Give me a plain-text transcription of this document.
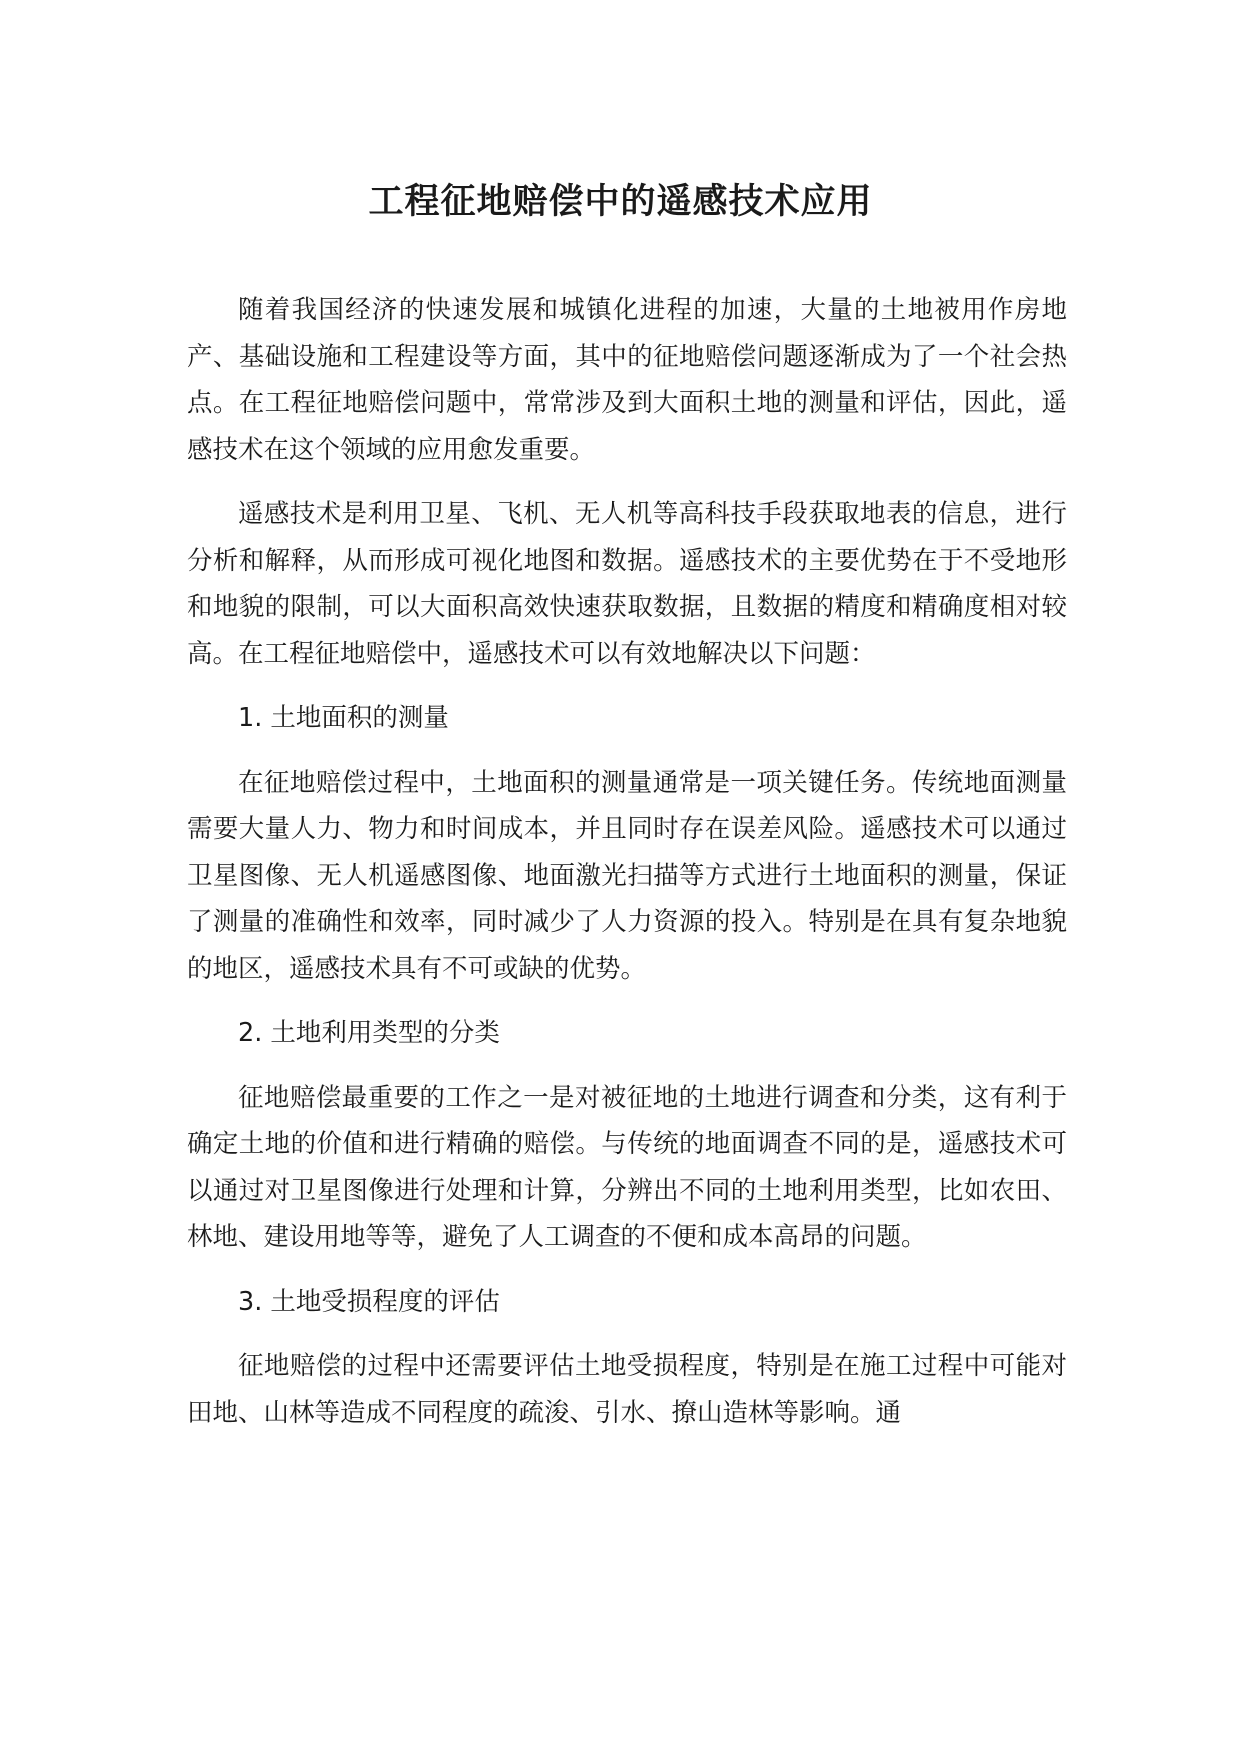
工程征地赔偿中的遥感技术应用

随着我国经济的快速发展和城镇化进程的加速，大量的土地被用作房地产、基础设施和工程建设等方面，其中的征地赔偿问题逐渐成为了一个社会热点。在工程征地赔偿问题中，常常涉及到大面积土地的测量和评估，因此，遥感技术在这个领域的应用愈发重要。

遥感技术是利用卫星、飞机、无人机等高科技手段获取地表的信息，进行分析和解释，从而形成可视化地图和数据。遥感技术的主要优势在于不受地形和地貌的限制，可以大面积高效快速获取数据，且数据的精度和精确度相对较高。在工程征地赔偿中，遥感技术可以有效地解决以下问题：

1. 土地面积的测量

在征地赔偿过程中，土地面积的测量通常是一项关键任务。传统地面测量需要大量人力、物力和时间成本，并且同时存在误差风险。遥感技术可以通过卫星图像、无人机遥感图像、地面激光扫描等方式进行土地面积的测量，保证了测量的准确性和效率，同时减少了人力资源的投入。特别是在具有复杂地貌的地区，遥感技术具有不可或缺的优势。

2. 土地利用类型的分类

征地赔偿最重要的工作之一是对被征地的土地进行调查和分类，这有利于确定土地的价值和进行精确的赔偿。与传统的地面调查不同的是，遥感技术可以通过对卫星图像进行处理和计算，分辨出不同的土地利用类型，比如农田、林地、建设用地等等，避免了人工调查的不便和成本高昂的问题。

3. 土地受损程度的评估

征地赔偿的过程中还需要评估土地受损程度，特别是在施工过程中可能对田地、山林等造成不同程度的疏浚、引水、撩山造林等影响。通
